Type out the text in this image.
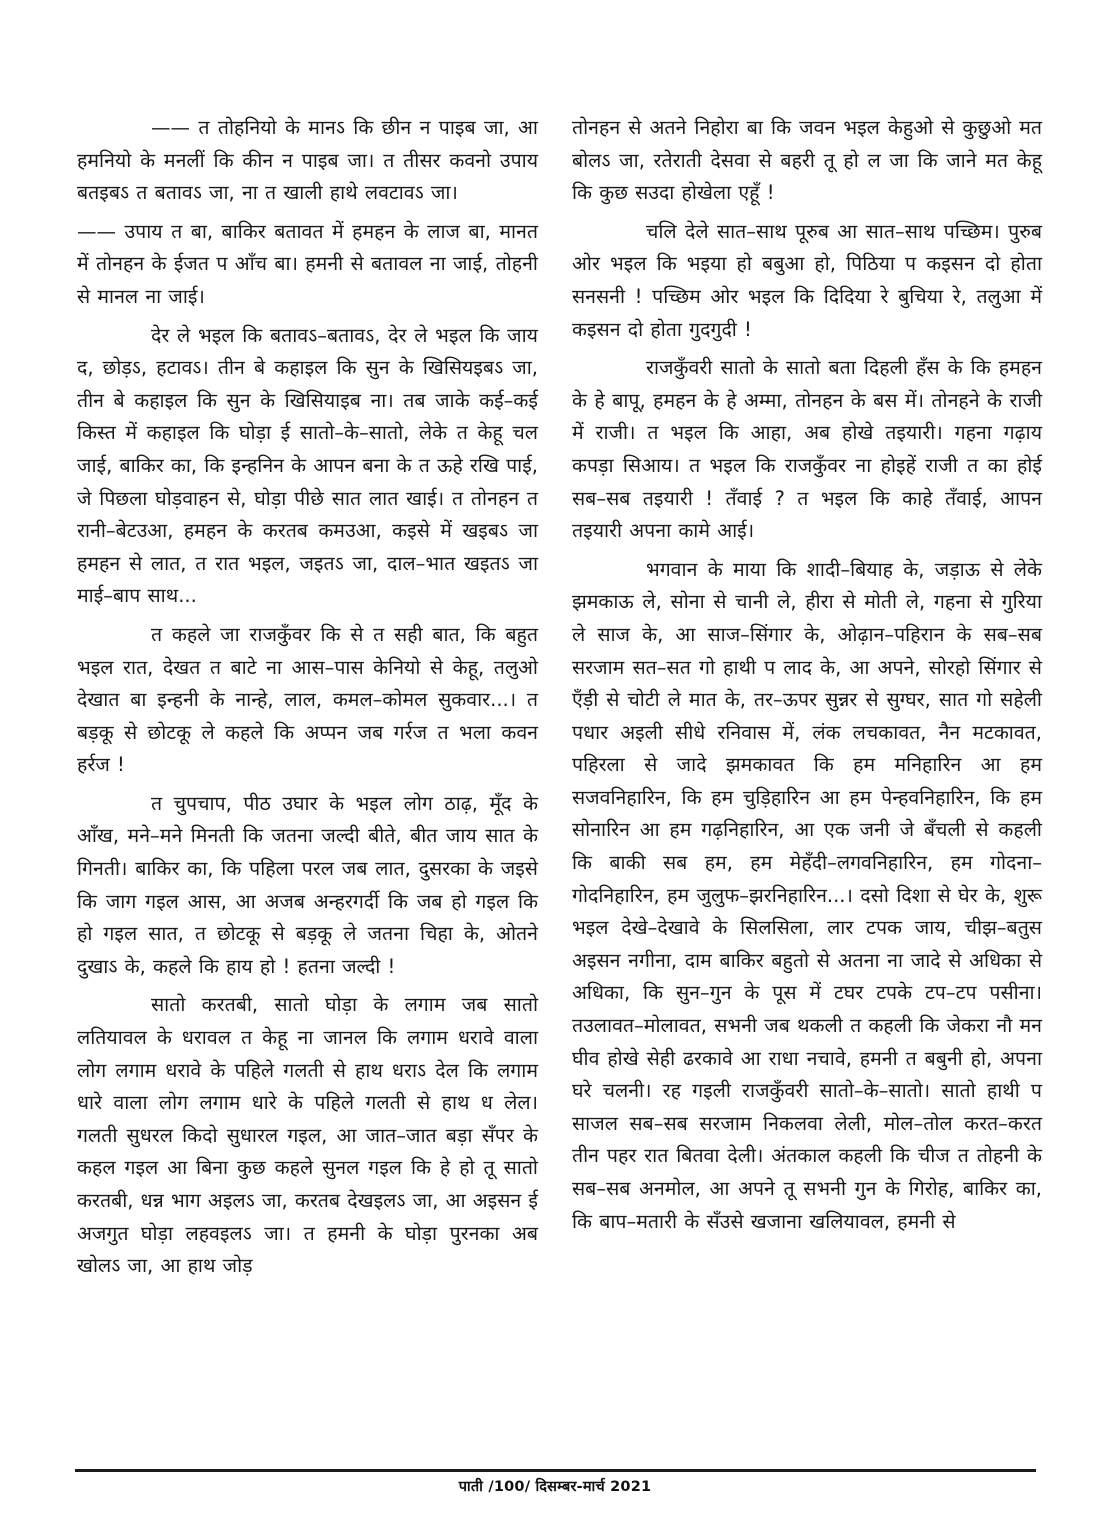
—— त तोहनियो के मानऽ कि छीन न पाइब जा, आ हमनियो के मनलीं कि कीन न पाइब जा। त तीसर कवनो उपाय बतइबऽ त बतावऽ जा, ना त खाली हाथे लवटावऽ जा।

—— उपाय त बा, बाकिर बतावत में हमहन के लाज बा, मानत में तोनहन के ईजत प आँच बा। हमनी से बतावल ना जाई, तोहनी से मानल ना जाई।

देर ले भइल कि बतावऽ–बतावऽ, देर ले भइल कि जाय द, छोड़ऽ, हटावऽ। तीन बे कहाइल कि सुन के खिसियइबऽ जा, तीन बे कहाइल कि सुन के खिसियाइब ना। तब जाके कई–कई किस्त में कहाइल कि घोड़ा ई सातो–के–सातो, लेके त केहू चल जाई, बाकिर का, कि इन्हनिन के आपन बना के त ऊहे रखि पाई, जे पिछला घोड़वाहन से, घोड़ा पीछे सात लात खाई। त तोनहन त रानी–बेटउआ, हमहन के करतब कमउआ, कइसे में खइबऽ जा हमहन से लात, त रात भइल, जइतऽ जा, दाल–भात खइतऽ जा माई–बाप साथ...

त कहले जा राजकुँवर कि से त सही बात, कि बहुत भइल रात, देखत त बाटे ना आस–पास केनियो से केहू, तलुओ देखात बा इन्हनी के नान्हे, लाल, कमल–कोमल सुकवार...। त बड़कू से छोटकू ले कहले कि अप्पन जब गर्रज त भला कवन हर्रज !

त चुपचाप, पीठ उघार के भइल लोग ठाढ़, मूँद के आँख, मने–मने मिनती कि जतना जल्दी बीते, बीत जाय सात के गिनती। बाकिर का, कि पहिला परल जब लात, दुसरका के जइसे कि जाग गइल आस, आ अजब अन्हरगर्दी कि जब हो गइल कि हो गइल सात, त छोटकू से बड़कू ले जतना चिहा के, ओतने दुखाऽ के, कहले कि हाय हो ! हतना जल्दी !

सातो करतबी, सातो घोड़ा के लगाम जब सातो लतियावल के धरावल त केहू ना जानल कि लगाम धरावे वाला लोग लगाम धरावे के पहिले गलती से हाथ धराऽ देल कि लगाम धारे वाला लोग लगाम धारे के पहिले गलती से हाथ ध लेल। गलती सुधरल किदो सुधारल गइल, आ जात–जात बड़ा सँपर के कहल गइल आ बिना कुछ कहले सुनल गइल कि हे हो तू सातो करतबी, धन्न भाग अइलऽ जा, करतब देखइलऽ जा, आ अइसन ई अजगुत घोड़ा लहवइलऽ जा। त हमनी के घोड़ा पुरनका अब खोलऽ जा, आ हाथ जोड़

तोनहन से अतने निहोरा बा कि जवन भइल केहुओ से कुछुओ मत बोलऽ जा, रतेराती देसवा से बहरी तू हो ल जा कि जाने मत केहू कि कुछ सउदा होखेला एहूँ !

चलि देले सात–साथ पूरुब आ सात–साथ पच्छिम। पुरुब ओर भइल कि भइया हो बबुआ हो, पिठिया प कइसन दो होता सनसनी ! पच्छिम ओर भइल कि दिदिया रे बुचिया रे, तलुआ में कइसन दो होता गुदगुदी !

राजकुँवरी सातो के सातो बता दिहली हँस के कि हमहन के हे बापू, हमहन के हे अम्मा, तोनहन के बस में। तोनहने के राजी में राजी। त भइल कि आहा, अब होखे तइयारी। गहना गढ़ाय कपड़ा सिआय। त भइल कि राजकुँवर ना होइहें राजी त का होई सब–सब तइयारी ! तँवाई ? त भइल कि काहे तँवाई, आपन तइयारी अपना कामे आई।

भगवान के माया कि शादी–बियाह के, जड़ाऊ से लेके झमकाऊ ले, सोना से चानी ले, हीरा से मोती ले, गहना से गुरिया ले साज के, आ साज–सिंगार के, ओढ़ान–पहिरान के सब–सब सरजाम सत–सत गो हाथी प लाद के, आ अपने, सोरहो सिंगार से एँड़ी से चोटी ले मात के, तर–ऊपर सुन्नर से सुग्घर, सात गो सहेली पधार अइली सीधे रनिवास में, लंक लचकावत, नैन मटकावत, पहिरला से जादे झमकावत कि हम मनिहारिन आ हम सजवनिहारिन, कि हम चुड़िहारिन आ हम पेन्हवनिहारिन, कि हम सोनारिन आ हम गढ़निहारिन, आ एक जनी जे बँचली से कहली कि बाकी सब हम, हम मेहँदी–लगवनिहारिन, हम गोदना–गोदनिहारिन, हम जुलुफ–झरनिहारिन...। दसो दिशा से घेर के, शुरू भइल देखे–देखावे के सिलसिला, लार टपक जाय, चीझ–बतुस अइसन नगीना, दाम बाकिर बहुतो से अतना ना जादे से अधिका से अधिका, कि सुन–गुन के पूस में टघर टपके टप–टप पसीना। तउलावत–मोलावत, सभनी जब थकली त कहली कि जेकरा नौ मन घीव होखे सेही ढरकावे आ राधा नचावे, हमनी त बबुनी हो, अपना घरे चलनी। रह गइली राजकुँवरी सातो–के–सातो। सातो हाथी प साजल सब–सब सरजाम निकलवा लेली, मोल–तोल करत–करत तीन पहर रात बितवा देली। अंतकाल कहली कि चीज त तोहनी के सब–सब अनमोल, आ अपने तू सभनी गुन के गिरोह, बाकिर का, कि बाप–मतारी के सँउसे खजाना खलियावल, हमनी से

पाती /100/ दिसम्बर-मार्च 2021
